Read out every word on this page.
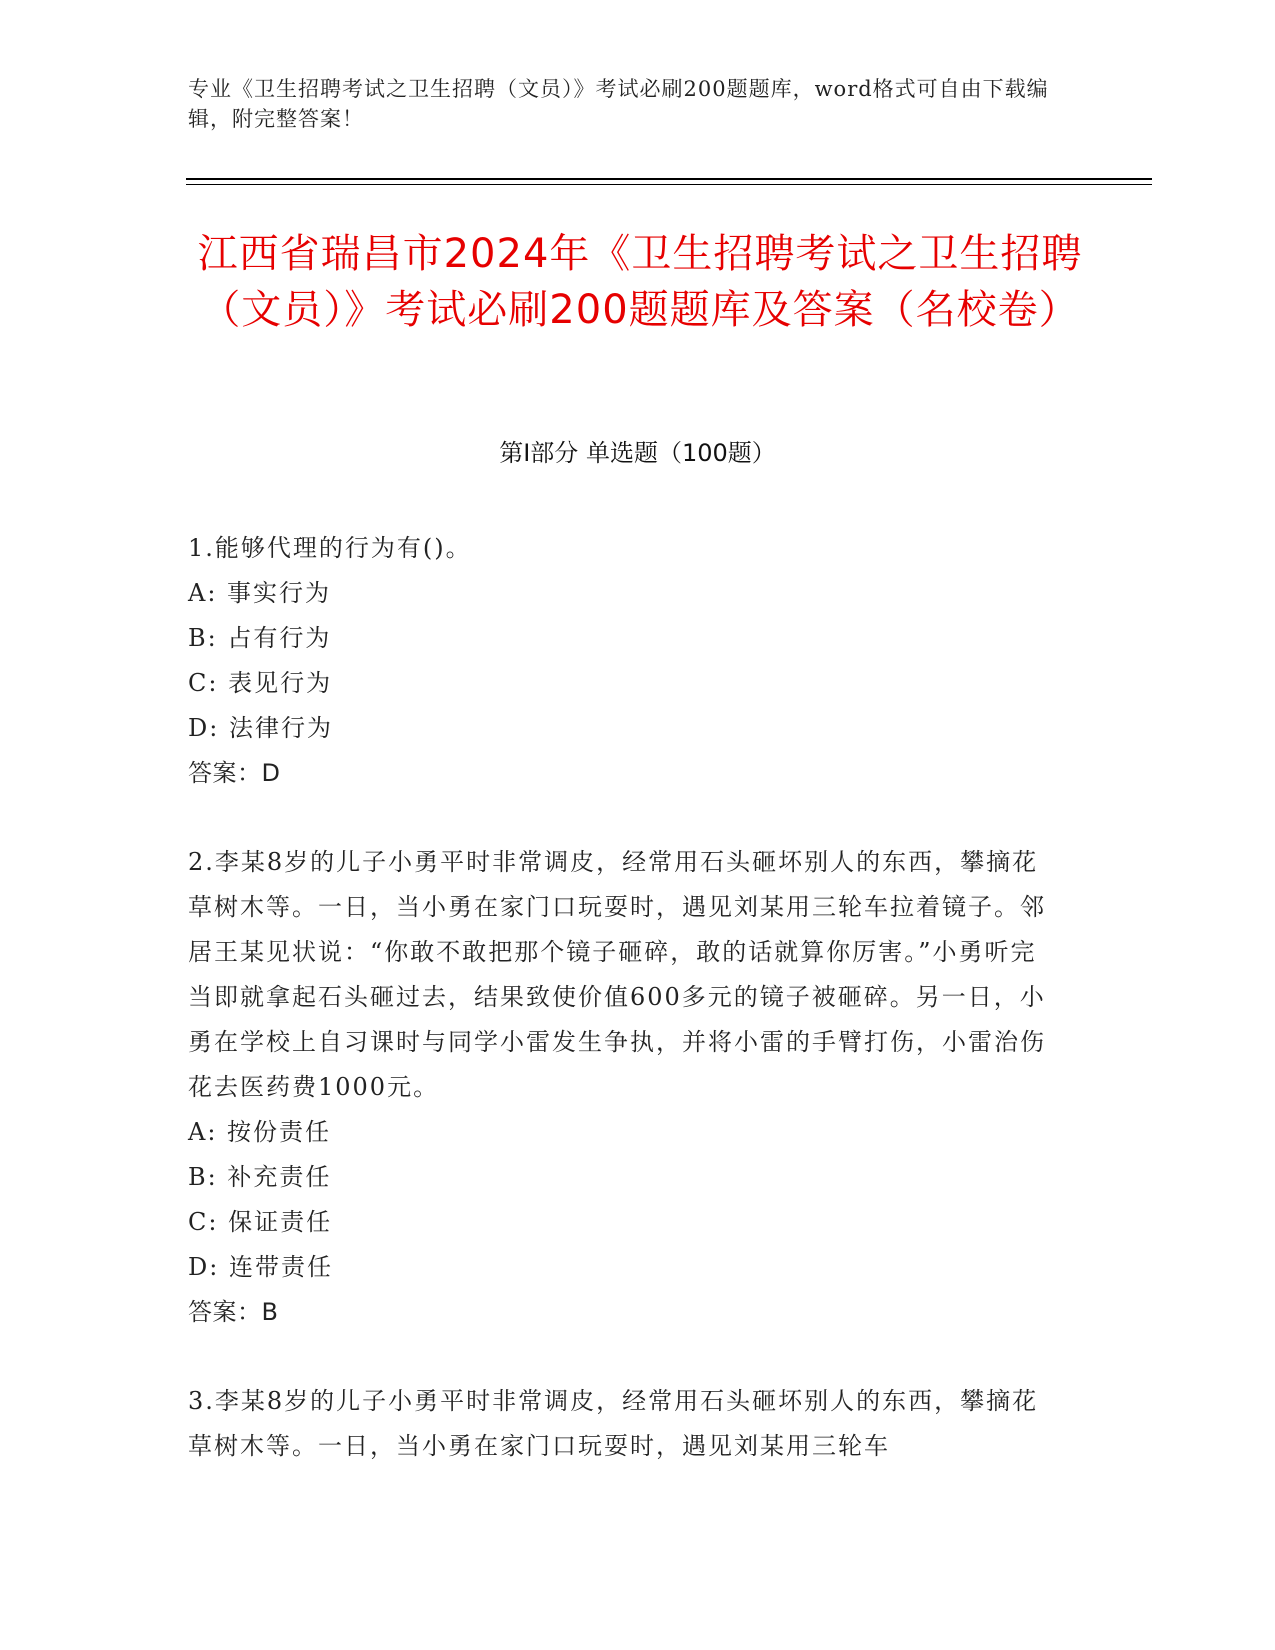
专业《卫生招聘考试之卫生招聘（文员）》考试必刷200题题库，word格式可自由下载编辑，附完整答案！
江西省瑞昌市2024年《卫生招聘考试之卫生招聘（文员）》考试必刷200题题库及答案（名校卷）
第Ⅰ部分 单选题（100题）

1.能够代理的行为有()。

A: 事实行为

B: 占有行为

C: 表见行为

D: 法律行为

答案：D

2.李某8岁的儿子小勇平时非常调皮，经常用石头砸坏别人的东西，攀摘花草树木等。一日，当小勇在家门口玩耍时，遇见刘某用三轮车拉着镜子。邻居王某见状说：“你敢不敢把那个镜子砸碎，敢的话就算你厉害。”小勇听完当即就拿起石头砸过去，结果致使价值600多元的镜子被砸碎。另一日，小勇在学校上自习课时与同学小雷发生争执，并将小雷的手臂打伤，小雷治伤花去医药费1000元。

A: 按份责任

B: 补充责任

C: 保证责任

D: 连带责任

答案：B

3.李某8岁的儿子小勇平时非常调皮，经常用石头砸坏别人的东西，攀摘花草树木等。一日，当小勇在家门口玩耍时，遇见刘某用三轮车
